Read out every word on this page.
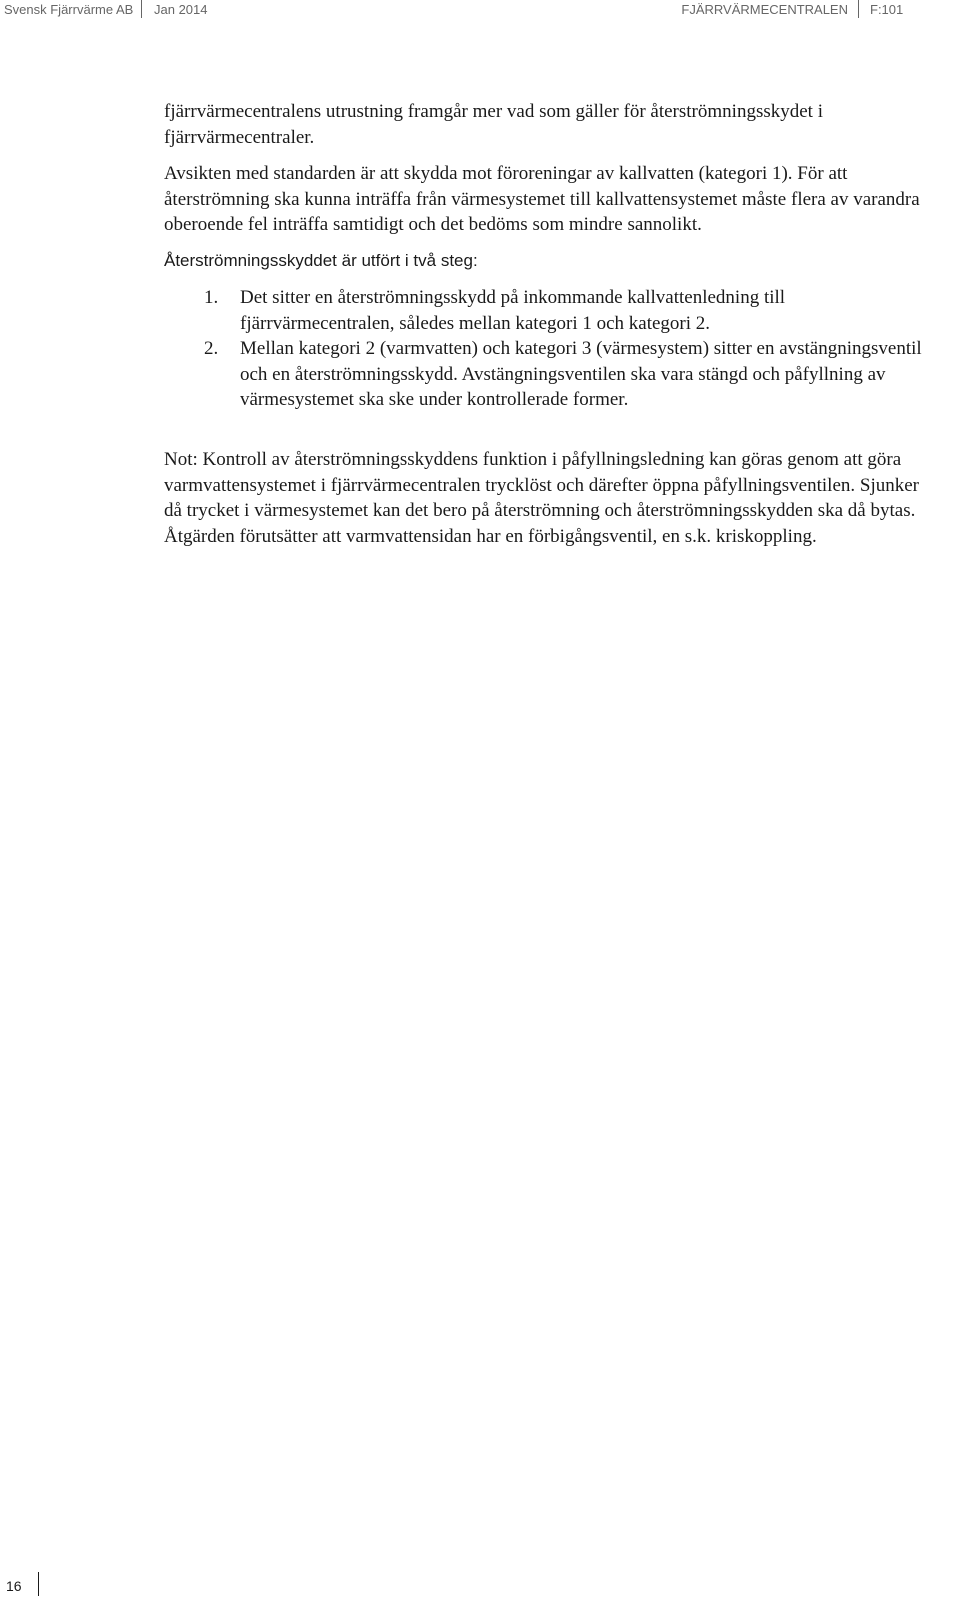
Svensk Fjärrvärme AB Jan 2014	FJÄRRVÄRMECENTRALEN F:101

fjärrvärmecentralens utrustning framgår mer vad som gäller för återströmningsskydet i fjärrvärmecentraler.

Avsikten med standarden är att skydda mot föroreningar av kallvatten (kategori 1). För att återströmning ska kunna inträffa från värmesystemet till kallvattensystemet måste flera av varandra oberoende fel inträffa samtidigt och det bedöms som mindre sannolikt.

Återströmningsskyddet är utfört i två steg:

1. Det sitter en återströmningsskydd på inkommande kallvattenledning till fjärrvärmecentralen, således mellan kategori 1 och kategori 2.
2. Mellan kategori 2 (varmvatten) och kategori 3 (värmesystem) sitter en avstängningsventil och en återströmningsskydd. Avstängningsventilen ska vara stängd och påfyllning av värmesystemet ska ske under kontrollerade former.

Not: Kontroll av återströmningsskyddens funktion i påfyllningsledning kan göras genom att göra varmvattensystemet i fjärrvärmecentralen trycklöst och därefter öppna påfyllningsventilen. Sjunker då trycket i värmesystemet kan det bero på återströmning och återströmningsskydden ska då bytas. Åtgärden förutsätter att varmvattensidan har en förbigångsventil, en s.k. kriskoppling.

16
